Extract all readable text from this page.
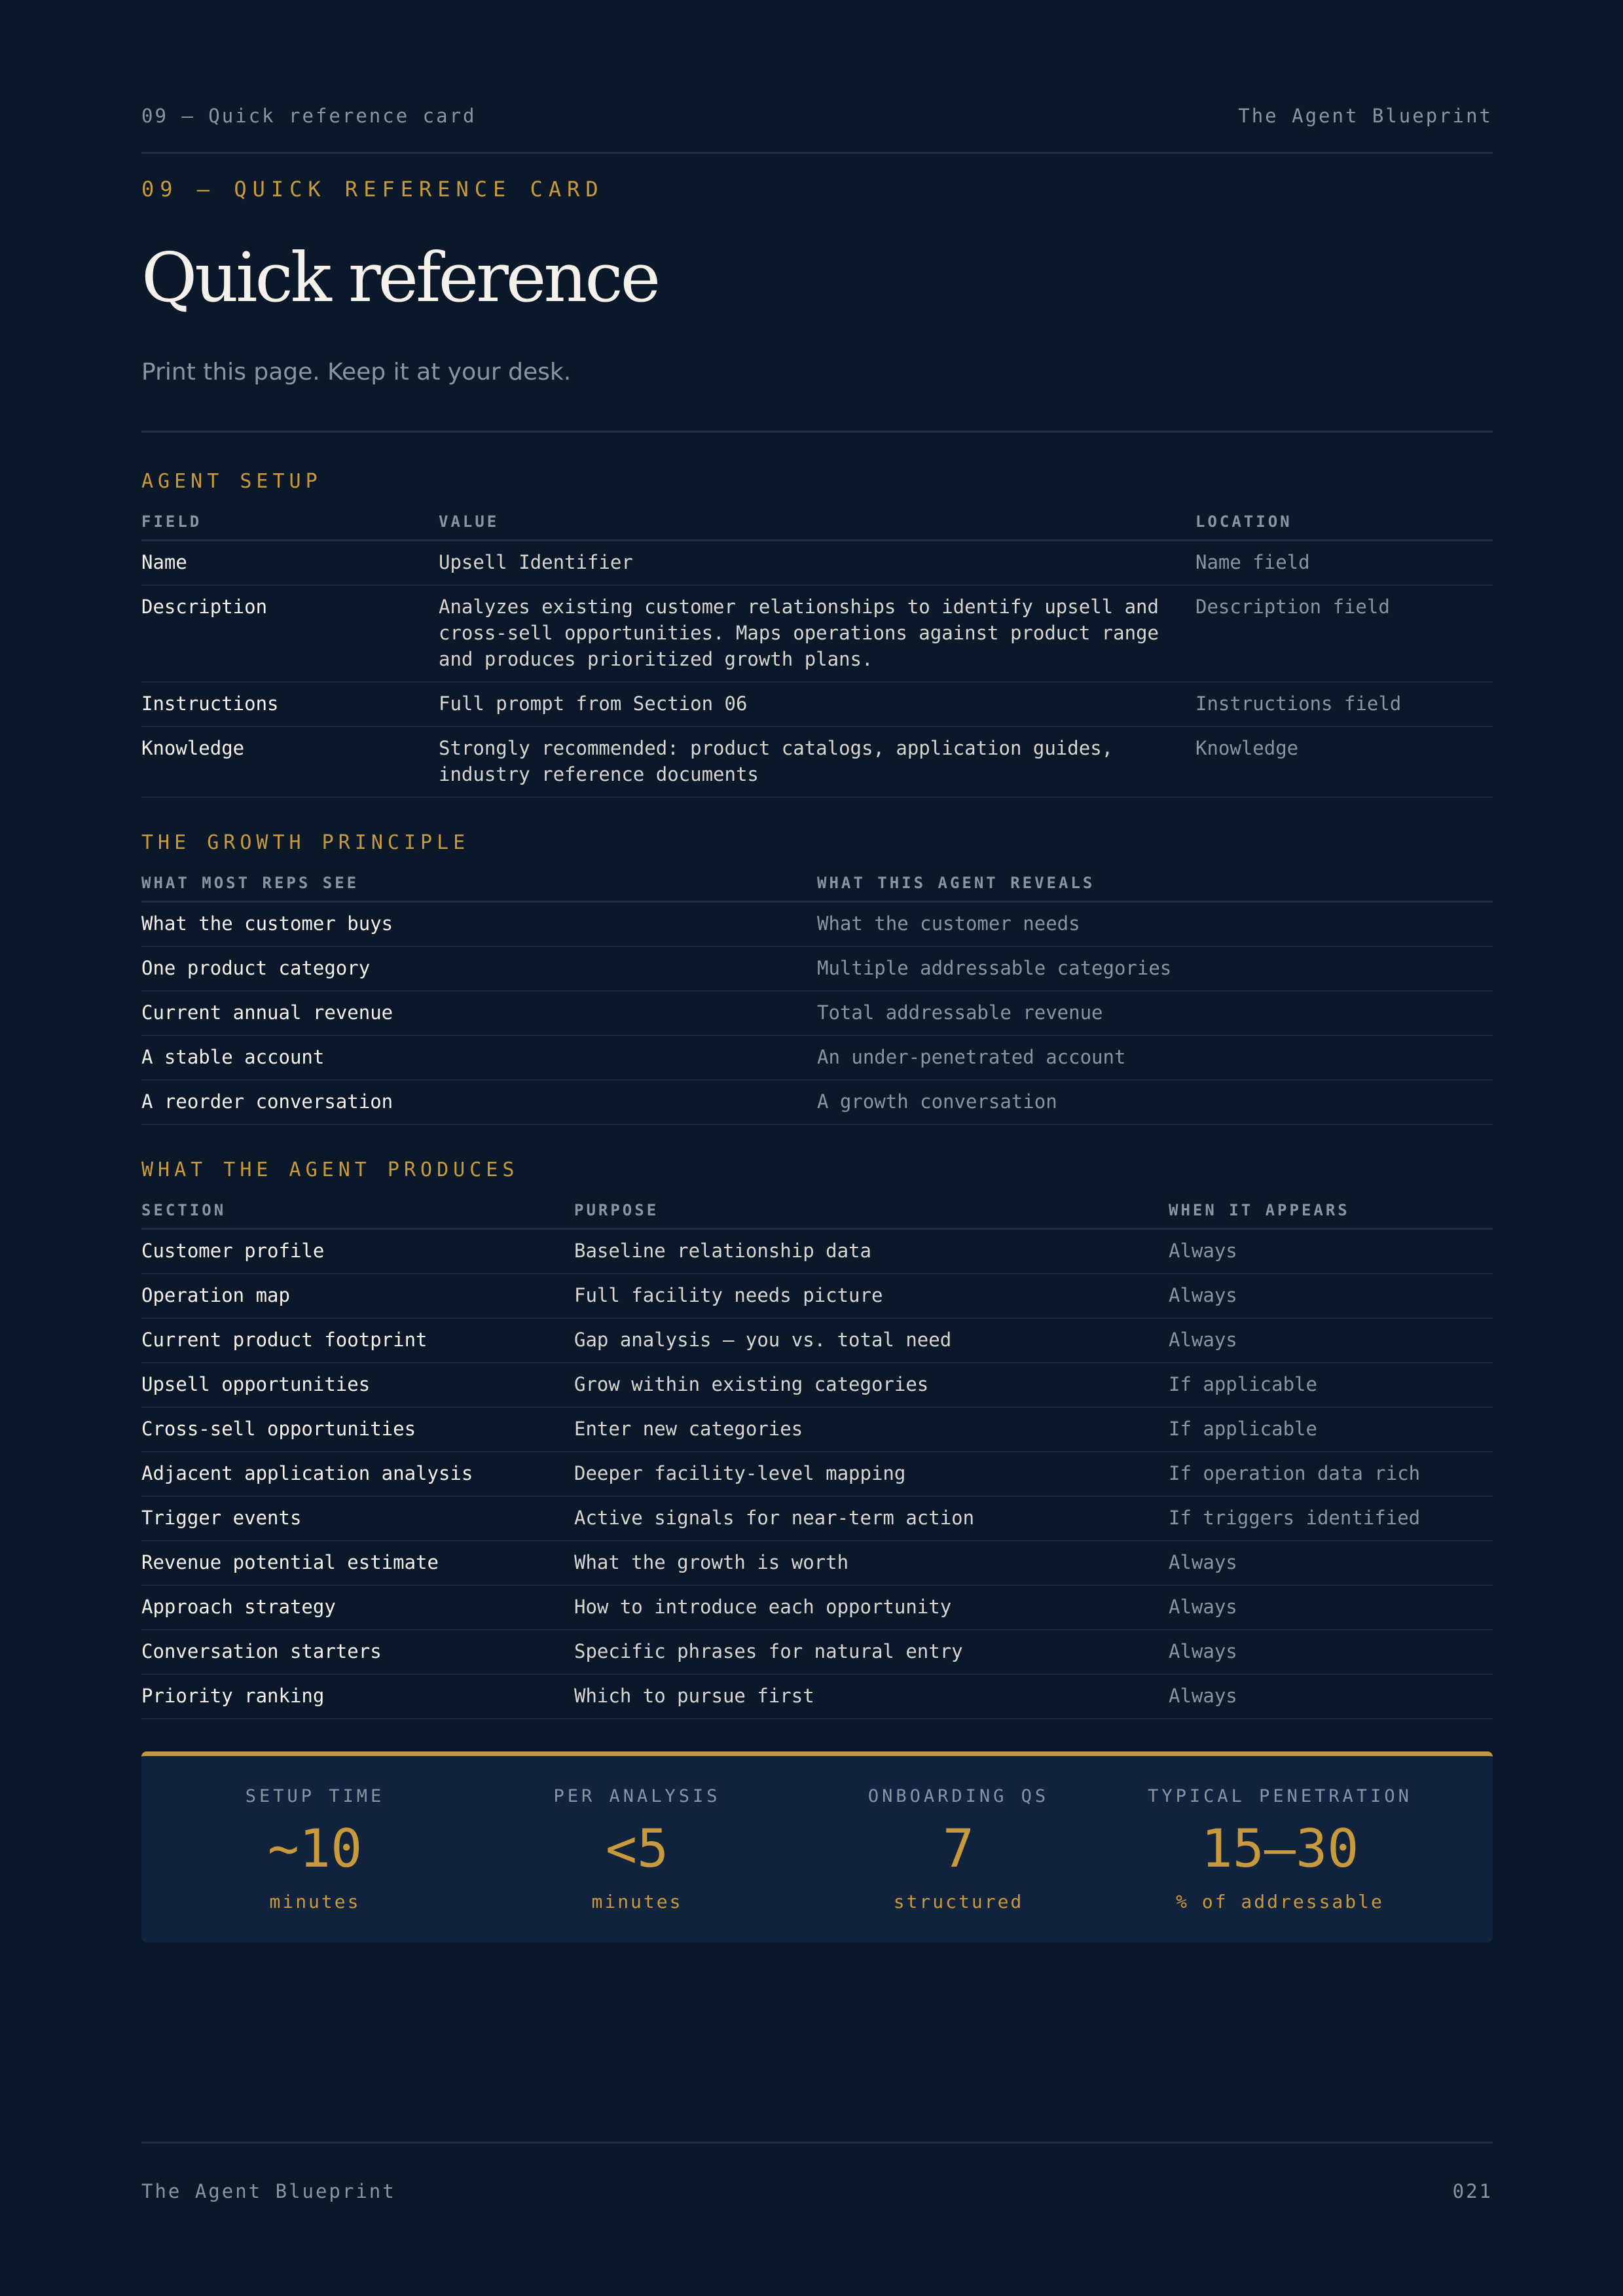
09 — Quick reference card	The Agent Blueprint
09 — QUICK REFERENCE CARD
Quick reference
Print this page. Keep it at your desk.
AGENT SETUP
FIELD	VALUE	LOCATION
Name	Upsell Identifier	Name field
Description	Analyzes existing customer relationships to identify upsell and cross-sell opportunities. Maps operations against product range and produces prioritized growth plans.	Description field
Instructions	Full prompt from Section 06	Instructions field
Knowledge	Strongly recommended: product catalogs, application guides, industry reference documents	Knowledge
THE GROWTH PRINCIPLE
WHAT MOST REPS SEE	WHAT THIS AGENT REVEALS
What the customer buys	What the customer needs
One product category	Multiple addressable categories
Current annual revenue	Total addressable revenue
A stable account	An under-penetrated account
A reorder conversation	A growth conversation
WHAT THE AGENT PRODUCES
SECTION	PURPOSE	WHEN IT APPEARS
Customer profile	Baseline relationship data	Always
Operation map	Full facility needs picture	Always
Current product footprint	Gap analysis — you vs. total need	Always
Upsell opportunities	Grow within existing categories	If applicable
Cross-sell opportunities	Enter new categories	If applicable
Adjacent application analysis	Deeper facility-level mapping	If operation data rich
Trigger events	Active signals for near-term action	If triggers identified
Revenue potential estimate	What the growth is worth	Always
Approach strategy	How to introduce each opportunity	Always
Conversation starters	Specific phrases for natural entry	Always
Priority ranking	Which to pursue first	Always
SETUP TIME
~10
minutes
PER ANALYSIS
<5
minutes
ONBOARDING QS
7
structured
TYPICAL PENETRATION
15–30
% of addressable
The Agent Blueprint	021
